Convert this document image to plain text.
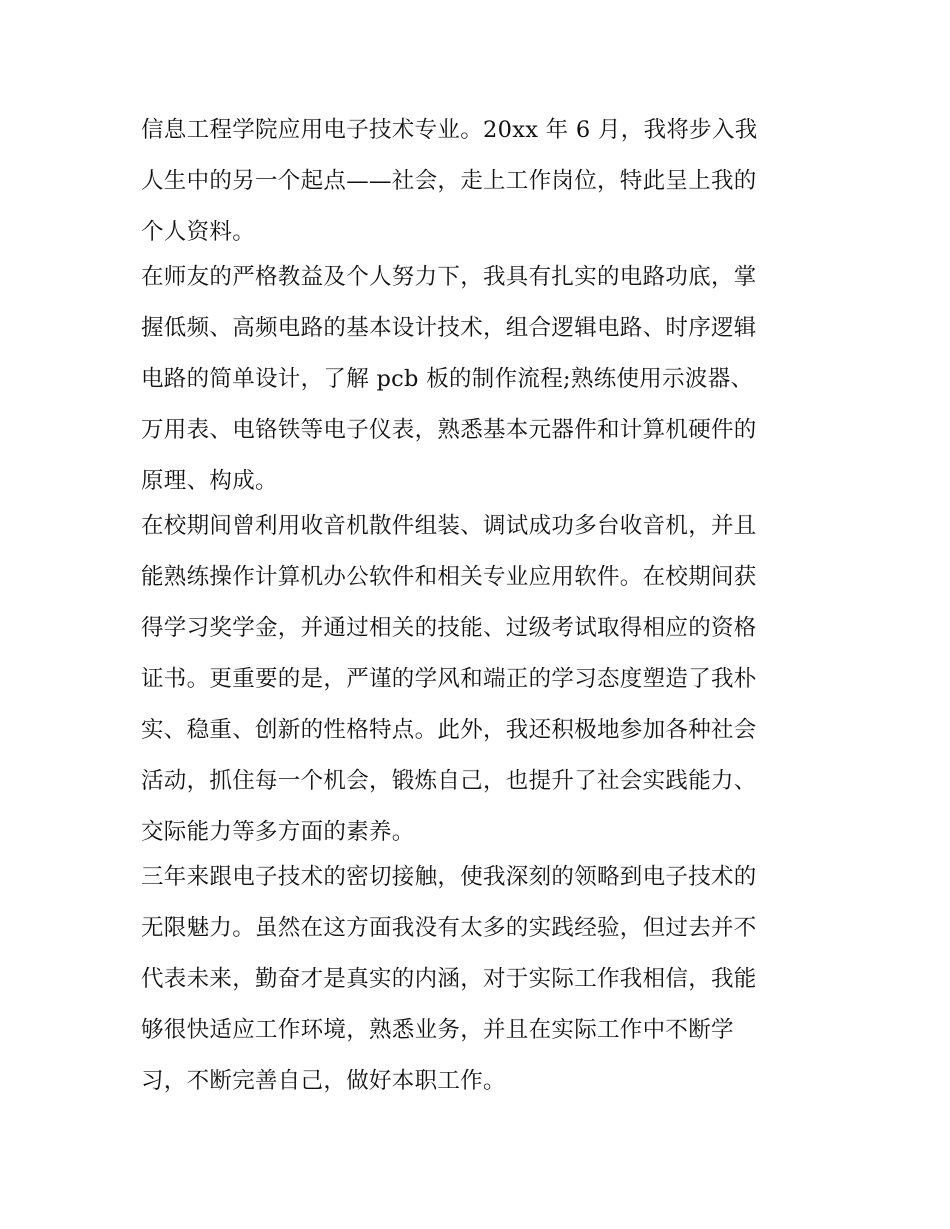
信息工程学院应用电子技术专业。20xx 年 6 月，我将步入我
人生中的另一个起点——社会，走上工作岗位，特此呈上我的
个人资料。
在师友的严格教益及个人努力下，我具有扎实的电路功底，掌
握低频、高频电路的基本设计技术，组合逻辑电路、时序逻辑
电路的简单设计，了解 pcb 板的制作流程;熟练使用示波器、
万用表、电铬铁等电子仪表，熟悉基本元器件和计算机硬件的
原理、构成。
在校期间曾利用收音机散件组装、调试成功多台收音机，并且
能熟练操作计算机办公软件和相关专业应用软件。在校期间获
得学习奖学金，并通过相关的技能、过级考试取得相应的资格
证书。更重要的是，严谨的学风和端正的学习态度塑造了我朴
实、稳重、创新的性格特点。此外，我还积极地参加各种社会
活动，抓住每一个机会，锻炼自己，也提升了社会实践能力、
交际能力等多方面的素养。
三年来跟电子技术的密切接触，使我深刻的领略到电子技术的
无限魅力。虽然在这方面我没有太多的实践经验，但过去并不
代表未来，勤奋才是真实的内涵，对于实际工作我相信，我能
够很快适应工作环境，熟悉业务，并且在实际工作中不断学
习，不断完善自己，做好本职工作。
